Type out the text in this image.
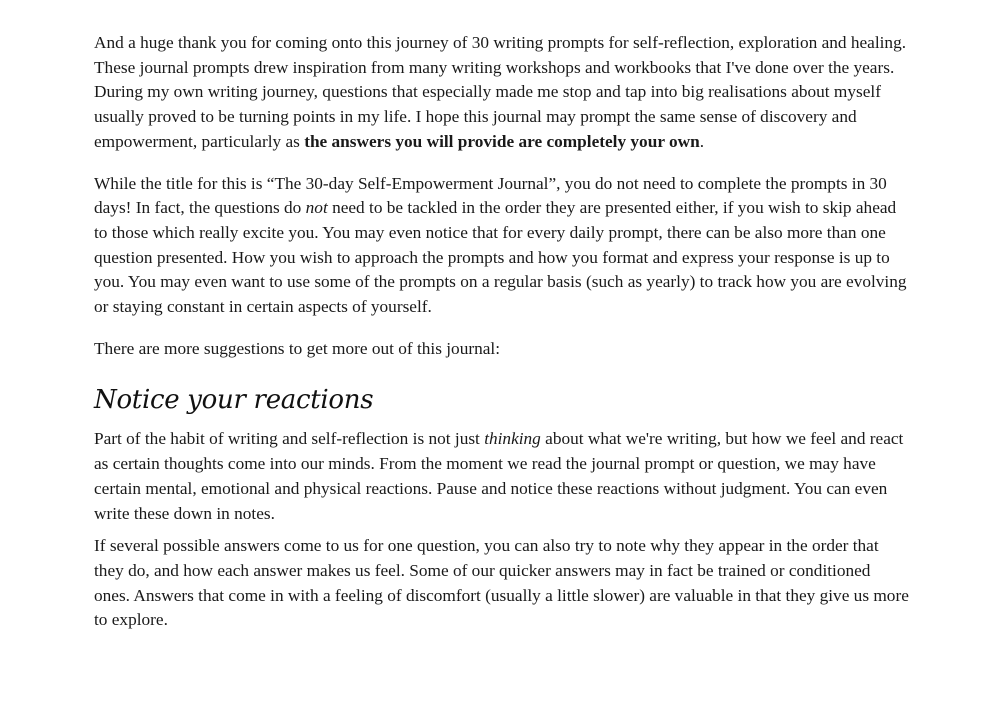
And a huge thank you for coming onto this journey of 30 writing prompts for self-reflection, exploration and healing. These journal prompts drew inspiration from many writing workshops and workbooks that I've done over the years. During my own writing journey, questions that especially made me stop and tap into big realisations about myself usually proved to be turning points in my life. I hope this journal may prompt the same sense of discovery and empowerment, particularly as the answers you will provide are completely your own.

While the title for this is “The 30-day Self-Empowerment Journal”, you do not need to complete the prompts in 30 days! In fact, the questions do not need to be tackled in the order they are presented either, if you wish to skip ahead to those which really excite you. You may even notice that for every daily prompt, there can be also more than one question presented. How you wish to approach the prompts and how you format and express your response is up to you. You may even want to use some of the prompts on a regular basis (such as yearly) to track how you are evolving or staying constant in certain aspects of yourself.

There are more suggestions to get more out of this journal:

Notice your reactions

Part of the habit of writing and self-reflection is not just thinking about what we're writing, but how we feel and react as certain thoughts come into our minds. From the moment we read the journal prompt or question, we may have certain mental, emotional and physical reactions. Pause and notice these reactions without judgment. You can even write these down in notes.

If several possible answers come to us for one question, you can also try to note why they appear in the order that they do, and how each answer makes us feel. Some of our quicker answers may in fact be trained or conditioned ones. Answers that come in with a feeling of discomfort (usually a little slower) are valuable in that they give us more to explore.
